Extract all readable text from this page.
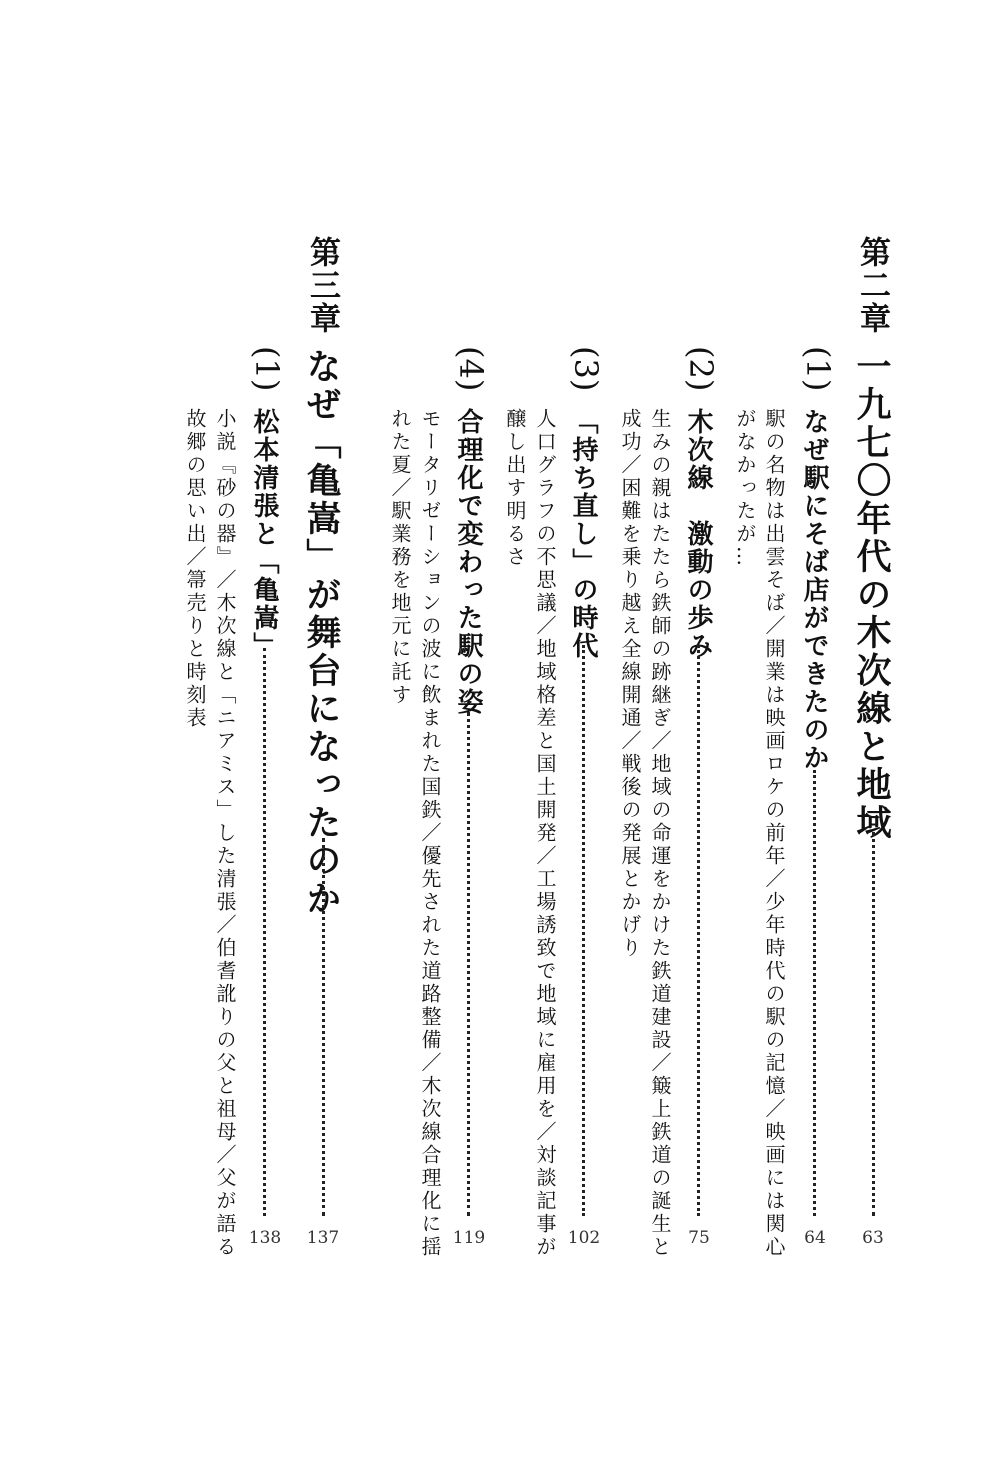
第二章
一九七〇年代の木次線と地域
63
(1)
なぜ駅にそば店ができたのか
64
駅の名物は出雲そば／開業は映画ロケの前年／少年時代の駅の記憶／映画には関心
がなかったが…
(2)
木次線　激動の歩み
75
生みの親はたたら鉄師の跡継ぎ／地域の命運をかけた鉄道建設／簸上鉄道の誕生と
成功／困難を乗り越え全線開通／戦後の発展とかげり
(3)
「持ち直し」の時代
102
人口グラフの不思議／地域格差と国土開発／工場誘致で地域に雇用を／対談記事が
醸し出す明るさ
(4)
合理化で変わった駅の姿
119
モータリゼーションの波に飲まれた国鉄／優先された道路整備／木次線合理化に揺
れた夏／駅業務を地元に託す
第三章
なぜ「亀嵩」が舞台になったのか
137
(1)
松本清張と「亀嵩」
138
小説『砂の器』／木次線と「ニアミス」した清張／伯耆訛りの父と祖母／父が語る
故郷の思い出／箒売りと時刻表
